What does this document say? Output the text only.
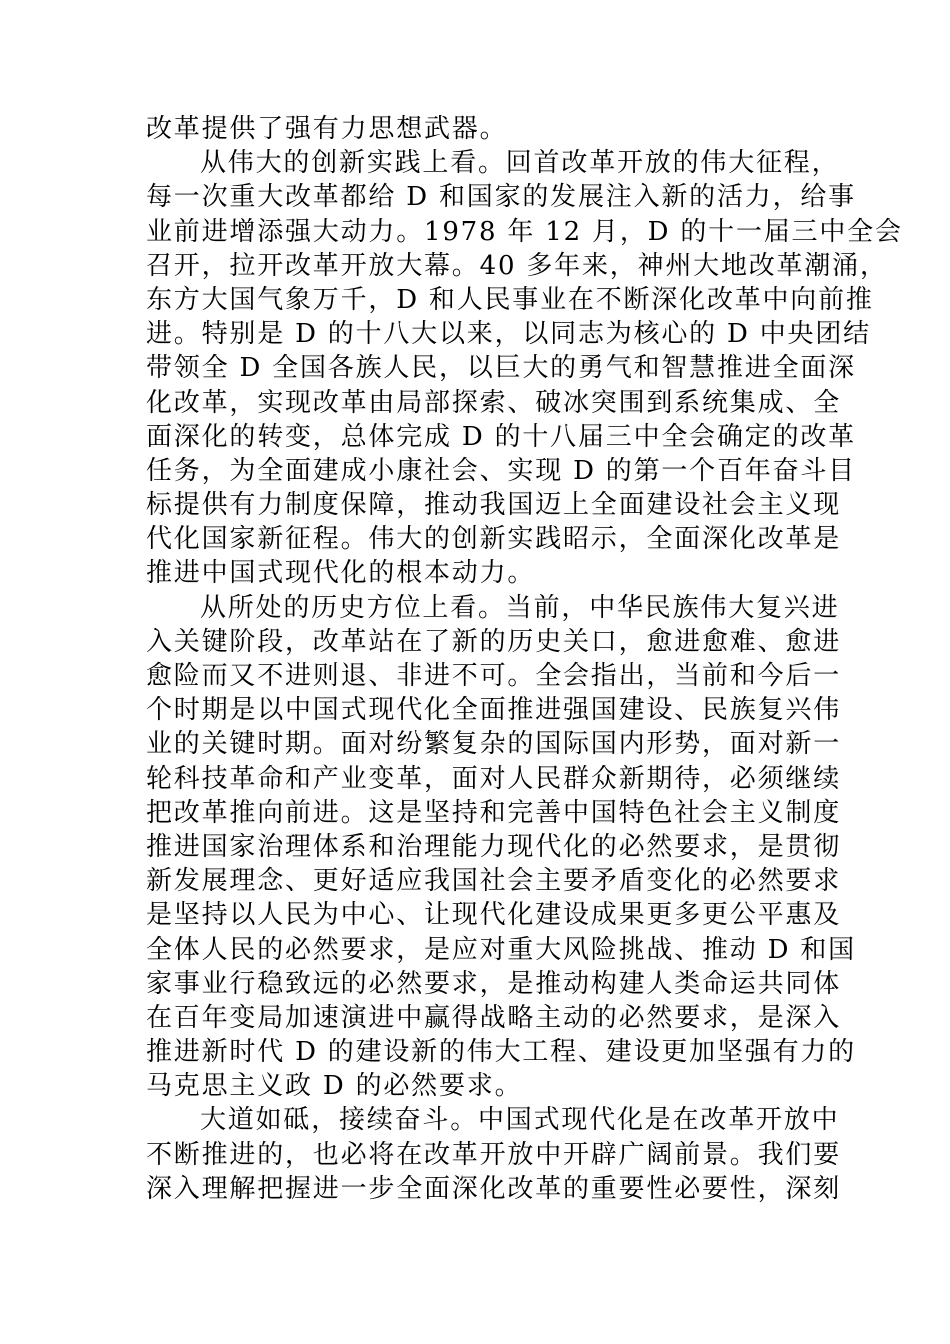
改革提供了强有力思想武器。
从伟大的创新实践上看。回首改革开放的伟大征程，
每一次重大改革都给 D 和国家的发展注入新的活力，给事
业前进增添强大动力。1978 年 12 月，D 的十一届三中全会
召开，拉开改革开放大幕。40 多年来，神州大地改革潮涌，
东方大国气象万千，D 和人民事业在不断深化改革中向前推
进。特别是 D 的十八大以来，以同志为核心的 D 中央团结
带领全 D 全国各族人民，以巨大的勇气和智慧推进全面深
化改革，实现改革由局部探索、破冰突围到系统集成、全
面深化的转变，总体完成 D 的十八届三中全会确定的改革
任务，为全面建成小康社会、实现 D 的第一个百年奋斗目
标提供有力制度保障，推动我国迈上全面建设社会主义现
代化国家新征程。伟大的创新实践昭示，全面深化改革是
推进中国式现代化的根本动力。
从所处的历史方位上看。当前，中华民族伟大复兴进
入关键阶段，改革站在了新的历史关口，愈进愈难、愈进
愈险而又不进则退、非进不可。全会指出，当前和今后一
个时期是以中国式现代化全面推进强国建设、民族复兴伟
业的关键时期。面对纷繁复杂的国际国内形势，面对新一
轮科技革命和产业变革，面对人民群众新期待，必须继续
把改革推向前进。这是坚持和完善中国特色社会主义制度
推进国家治理体系和治理能力现代化的必然要求，是贯彻
新发展理念、更好适应我国社会主要矛盾变化的必然要求
是坚持以人民为中心、让现代化建设成果更多更公平惠及
全体人民的必然要求，是应对重大风险挑战、推动 D 和国
家事业行稳致远的必然要求，是推动构建人类命运共同体
在百年变局加速演进中赢得战略主动的必然要求，是深入
推进新时代 D 的建设新的伟大工程、建设更加坚强有力的
马克思主义政 D 的必然要求。
大道如砥，接续奋斗。中国式现代化是在改革开放中
不断推进的，也必将在改革开放中开辟广阔前景。我们要
深入理解把握进一步全面深化改革的重要性必要性，深刻
